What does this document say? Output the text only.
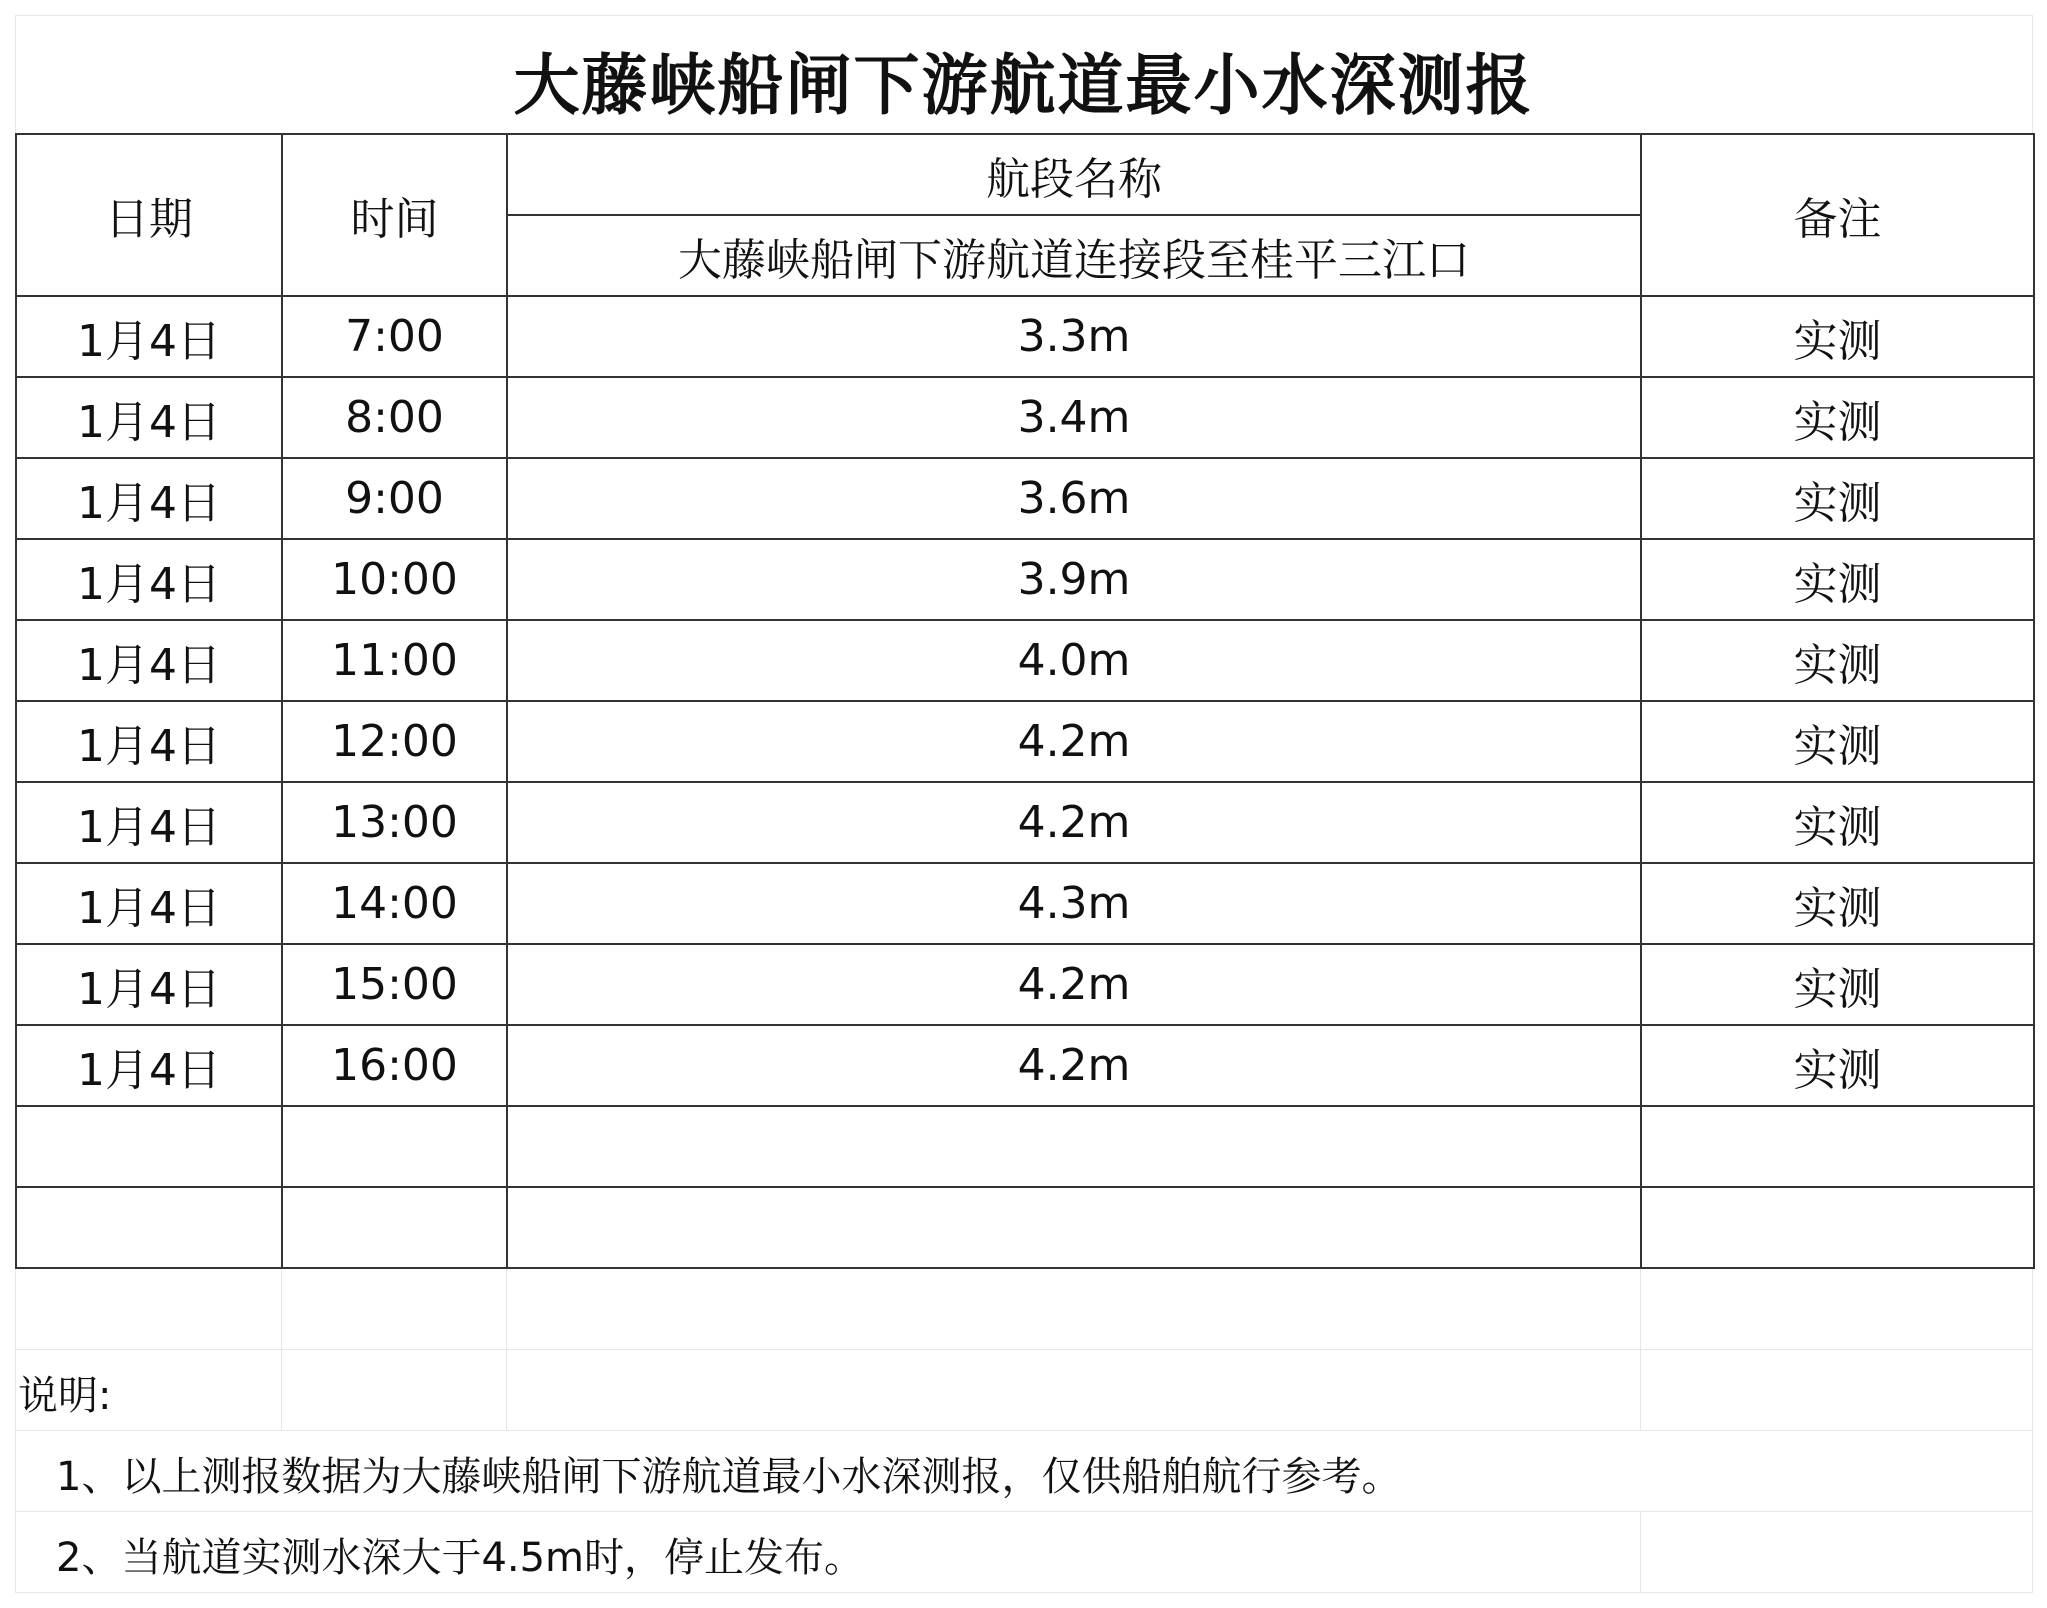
大藤峡船闸下游航道最小水深测报
日期	时间	航段名称	备注
		大藤峡船闸下游航道连接段至桂平三江口	
1月4日	7:00	3.3m	实测
1月4日	8:00	3.4m	实测
1月4日	9:00	3.6m	实测
1月4日	10:00	3.9m	实测
1月4日	11:00	4.0m	实测
1月4日	12:00	4.2m	实测
1月4日	13:00	4.2m	实测
1月4日	14:00	4.3m	实测
1月4日	15:00	4.2m	实测
1月4日	16:00	4.2m	实测

说明:
1、以上测报数据为大藤峡船闸下游航道最小水深测报，仅供船舶航行参考。
2、当航道实测水深大于4.5m时，停止发布。
